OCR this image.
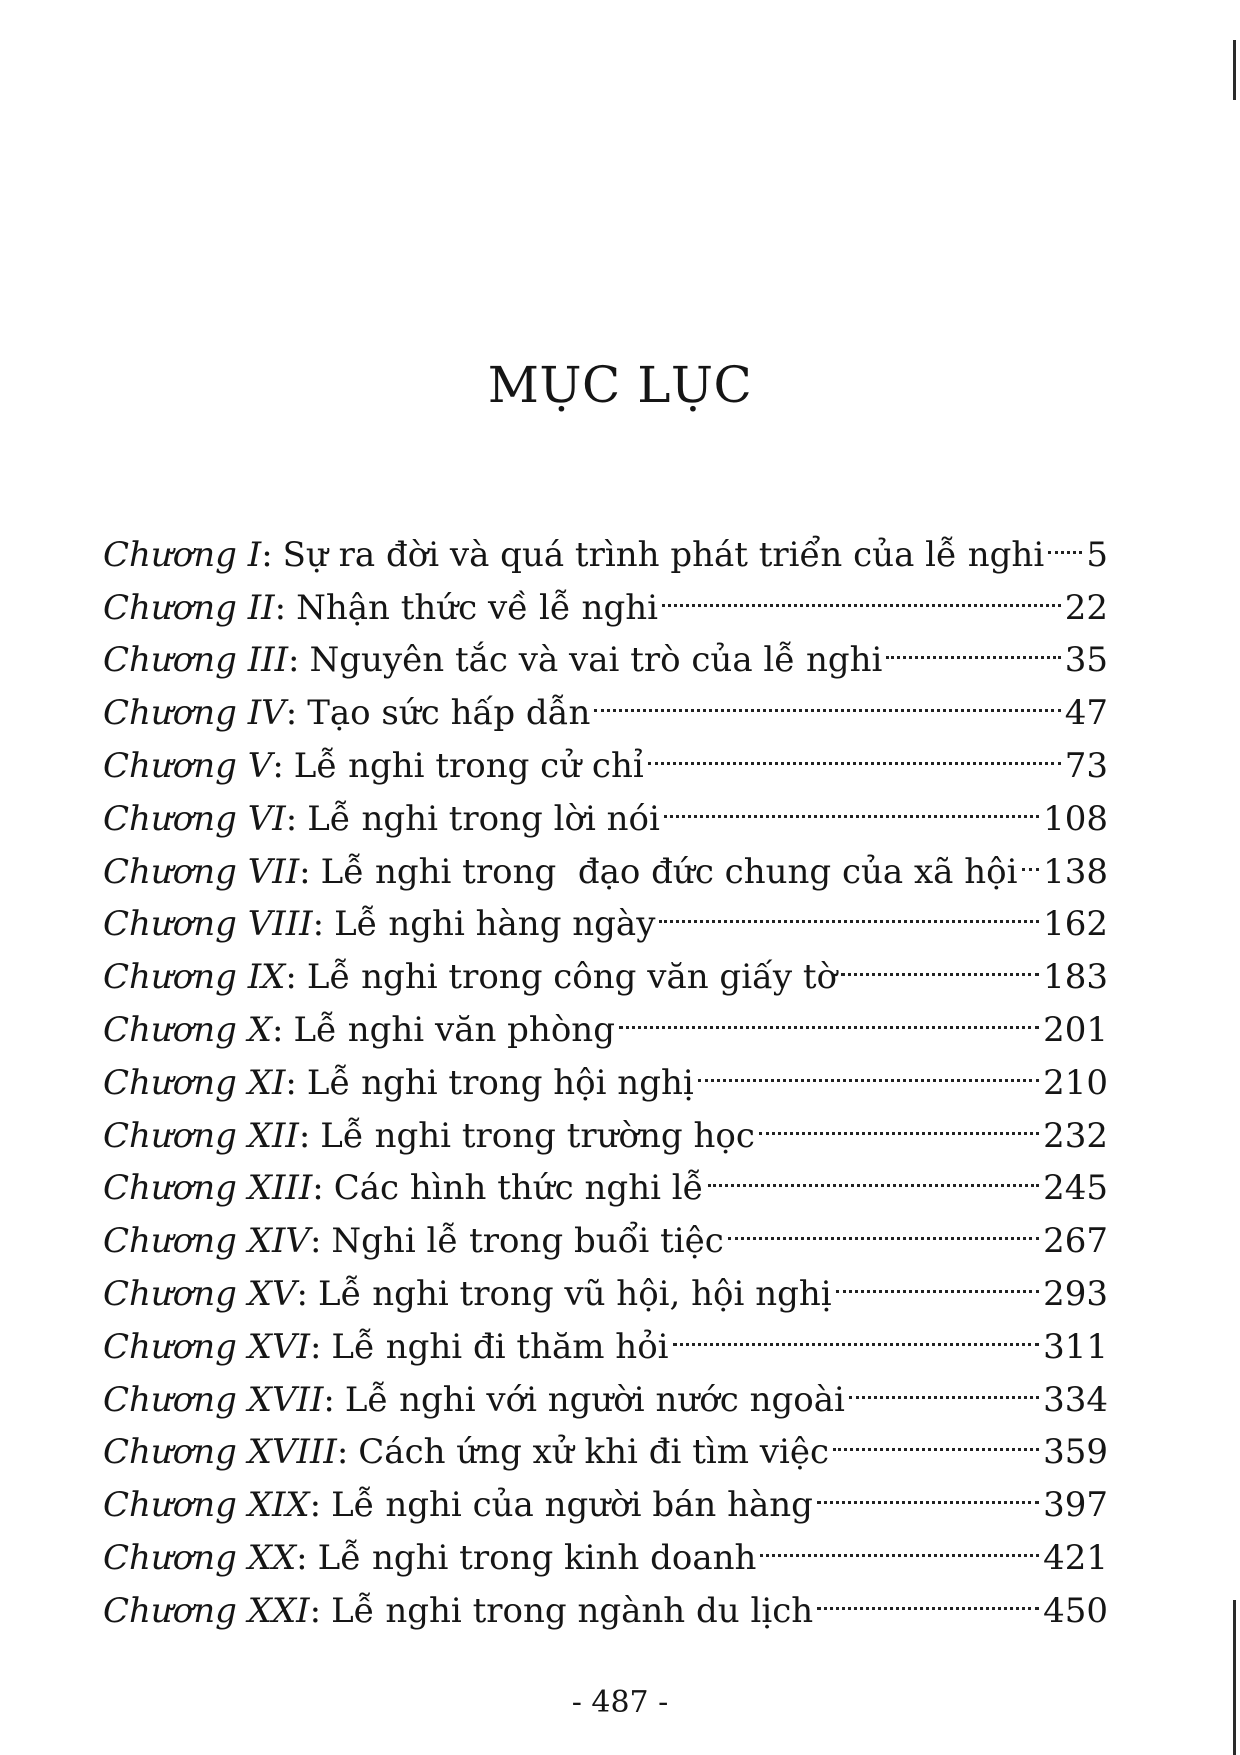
MỤC LỤC
Chương I : Sự ra đời và quá trình phát triển của lễ nghi 5
Chương II : Nhận thức về lễ nghi	22
Chương III : Nguyên tắc và vai trò của lễ nghi	35
Chương IV : Tạo sức hấp dẫn	47
Chương V : Lễ nghi trong cử chỉ	73
Chương VI : Lễ nghi trong lời nói	108
Chương VII : Lễ nghi trong  đạo đức chung của xã hội 138
Chương VIII : Lễ nghi hàng ngày	162
Chương IX : Lễ nghi trong công văn giấy tờ	183
Chương X : Lễ nghi văn phòng	201
Chương XI : Lễ nghi trong hội nghị	210
Chương XII : Lễ nghi trong trường học	232
Chương XIII : Các hình thức nghi lễ	245
Chương XIV : Nghi lễ trong buổi tiệc	267
Chương XV : Lễ nghi trong vũ hội, hội nghị	293
Chương XVI : Lễ nghi đi thăm hỏi	311
Chương XVII : Lễ nghi với người nước ngoài	334
Chương XVIII : Cách ứng xử khi đi tìm việc	359
Chương XIX : Lễ nghi của người bán hàng	397
Chương XX : Lễ nghi trong kinh doanh	421
Chương XXI : Lễ nghi trong ngành du lịch	450
- 487 -
